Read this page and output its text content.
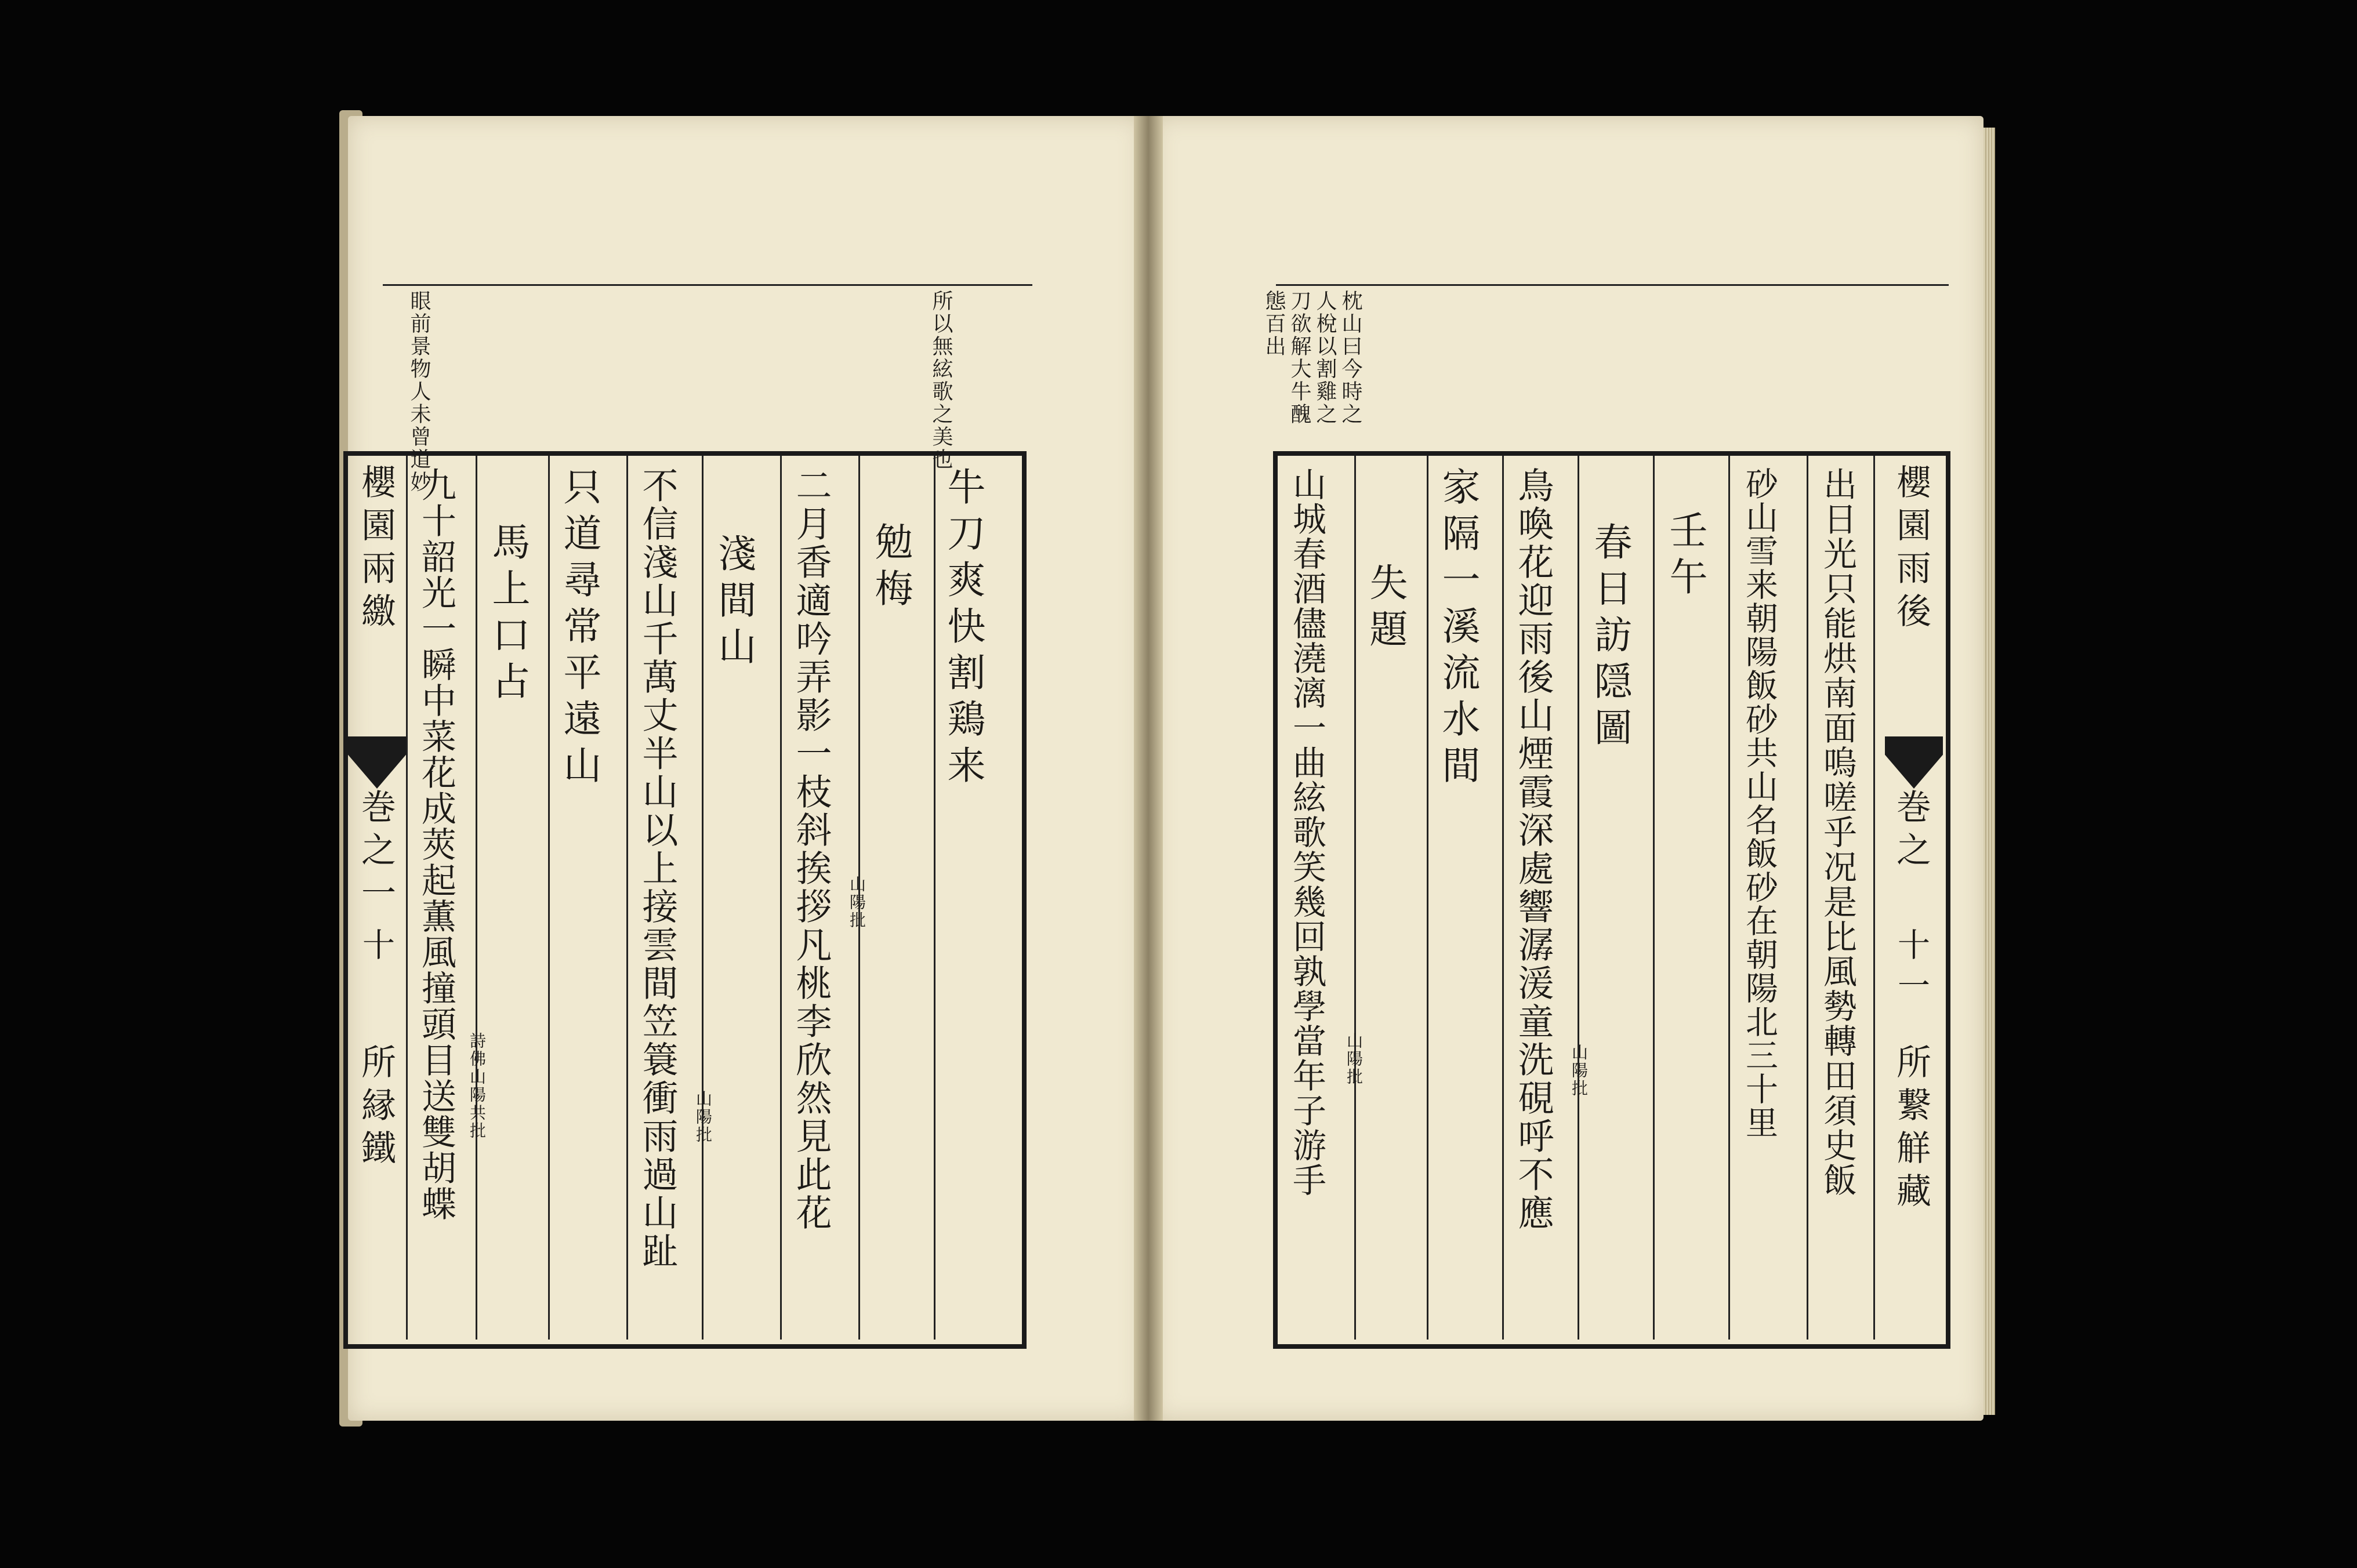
所以無絃歌之美也
眼前景物人未曾道妙
櫻園兩繳
巻之一
十
所縁鐵
牛刀爽快割鶏来
勉梅
二月香適吟弄影一枝斜挨拶凡桃李欣然見此花
淺間山
不信淺山千萬丈半山以上接雲間笠簑衝雨過山趾
只道尋常平遠山
馬上口占
九十韶光一瞬中菜花成莢起薫風撞頭目送雙胡蝶	山陽批
山陽批
詩佛山陽共批
枕山曰今時之人梲以割雞之刀欲解大牛醜態百出
櫻園雨後
巻之
十一
所繋觧藏
出日光只能烘南面嗚嗟乎况是比風勢轉田須史飯
砂山雪来朝陽飯砂共山名飯砂在朝陽北三十里
壬午
春日訪隠圖
鳥喚花迎雨後山煙霞深處響潺湲童洗硯呼不應
家隔一溪流水間
失題
山城春酒儘澆漓一曲絃歌笑幾回孰學當年子游手	山陽批
山陽批
